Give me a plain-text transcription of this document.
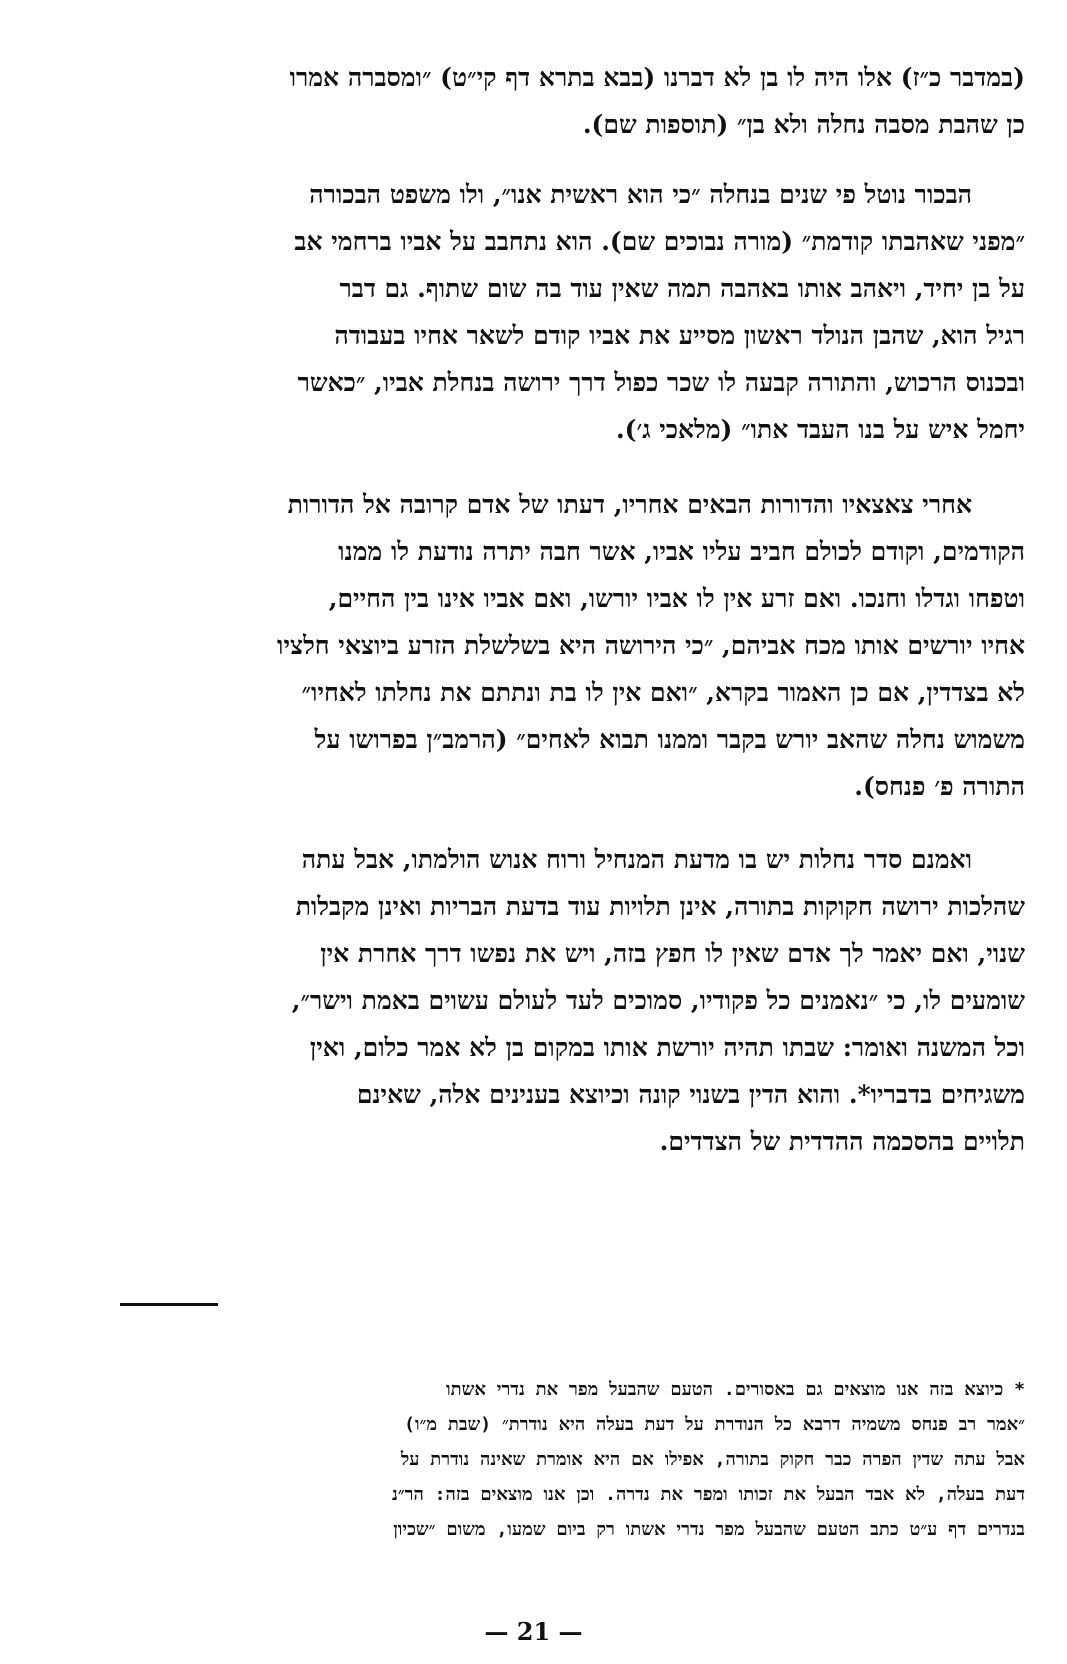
(במדבר כ״ז) אלו היה לו בן לא דברנו (בבא בתרא דף קי״ט) ״ומסברה אמרו
כן שהבת מסבה נחלה ולא בן״ (תוספות שם).
הבכור נוטל פי שנים בנחלה ״כי הוא ראשית אנו״, ולו משפט הבכורה
״מפני שאהבתו קודמת״ (מורה נבוכים שם). הוא נתחבב על אביו ברחמי אב
על בן יחיד, ויאהב אותו באהבה תמה שאין עוד בה שום שתוף. גם דבר
רגיל הוא, שהבן הנולד ראשון מסייע את אביו קודם לשאר אחיו בעבודה
ובכנוס הרכוש, והתורה קבעה לו שכר כפול דרך ירושה בנחלת אביו, ״כאשר
יחמל איש על בנו העבד אתו״ (מלאכי ג׳).
אחרי צאצאיו והדורות הבאים אחריו, דעתו של אדם קרובה אל הדורות
הקודמים, וקודם לכולם חביב עליו אביו, אשר חבה יתרה נודעת לו ממנו
וטפחו וגדלו וחנכו. ואם זרע אין לו אביו יורשו, ואם אביו אינו בין החיים,
אחיו יורשים אותו מכח אביהם, ״כי הירושה היא בשלשלת הזרע ביוצאי חלציו
לא בצדדין, אם כן האמור בקרא, ״ואם אין לו בת ונתתם את נחלתו לאחיו״
משמוש נחלה שהאב יורש בקבר וממנו תבוא לאחים״ (הרמב״ן בפרושו על
התורה פ׳ פנחס).
ואמנם סדר נחלות יש בו מדעת המנחיל ורוח אנוש הולמתו, אבל עתה
שהלכות ירושה חקוקות בתורה, אינן תלויות עוד בדעת הבריות ואינן מקבלות
שנוי, ואם יאמר לך אדם שאין לו חפץ בזה, ויש את נפשו דרך אחרת אין
שומעים לו, כי ״נאמנים כל פקודיו, סמוכים לעד לעולם עשוים באמת וישר״,
וכל המשנה ואומר: שבתו תהיה יורשת אותו במקום בן לא אמר כלום, ואין
משגיחים בדבריו*. והוא הדין בשנוי קונה וכיוצא בענינים אלה, שאינם
תלויים בהסכמה ההדדית של הצדדים.
* כיוצא בזה אנו מוצאים גם באסורים. הטעם שהבעל מפר את נדרי אשתו
״אמר רב פנחס משמיה דרבא כל הנודרת על דעת בעלה היא נודרת״ (שבת מ״ו)
אבל עתה שדין הפרה כבר חקוק בתורה, אפילו אם היא אומרת שאינה נודרת על
דעת בעלה, לא אבד הבעל את זכותו ומפר את נדרה. וכן אנו מוצאים בזה: הר״נ
בנדרים דף ע״ט כתב הטעם שהבעל מפר נדרי אשתו רק ביום שמעו, משום ״שכיון
— 21 —
